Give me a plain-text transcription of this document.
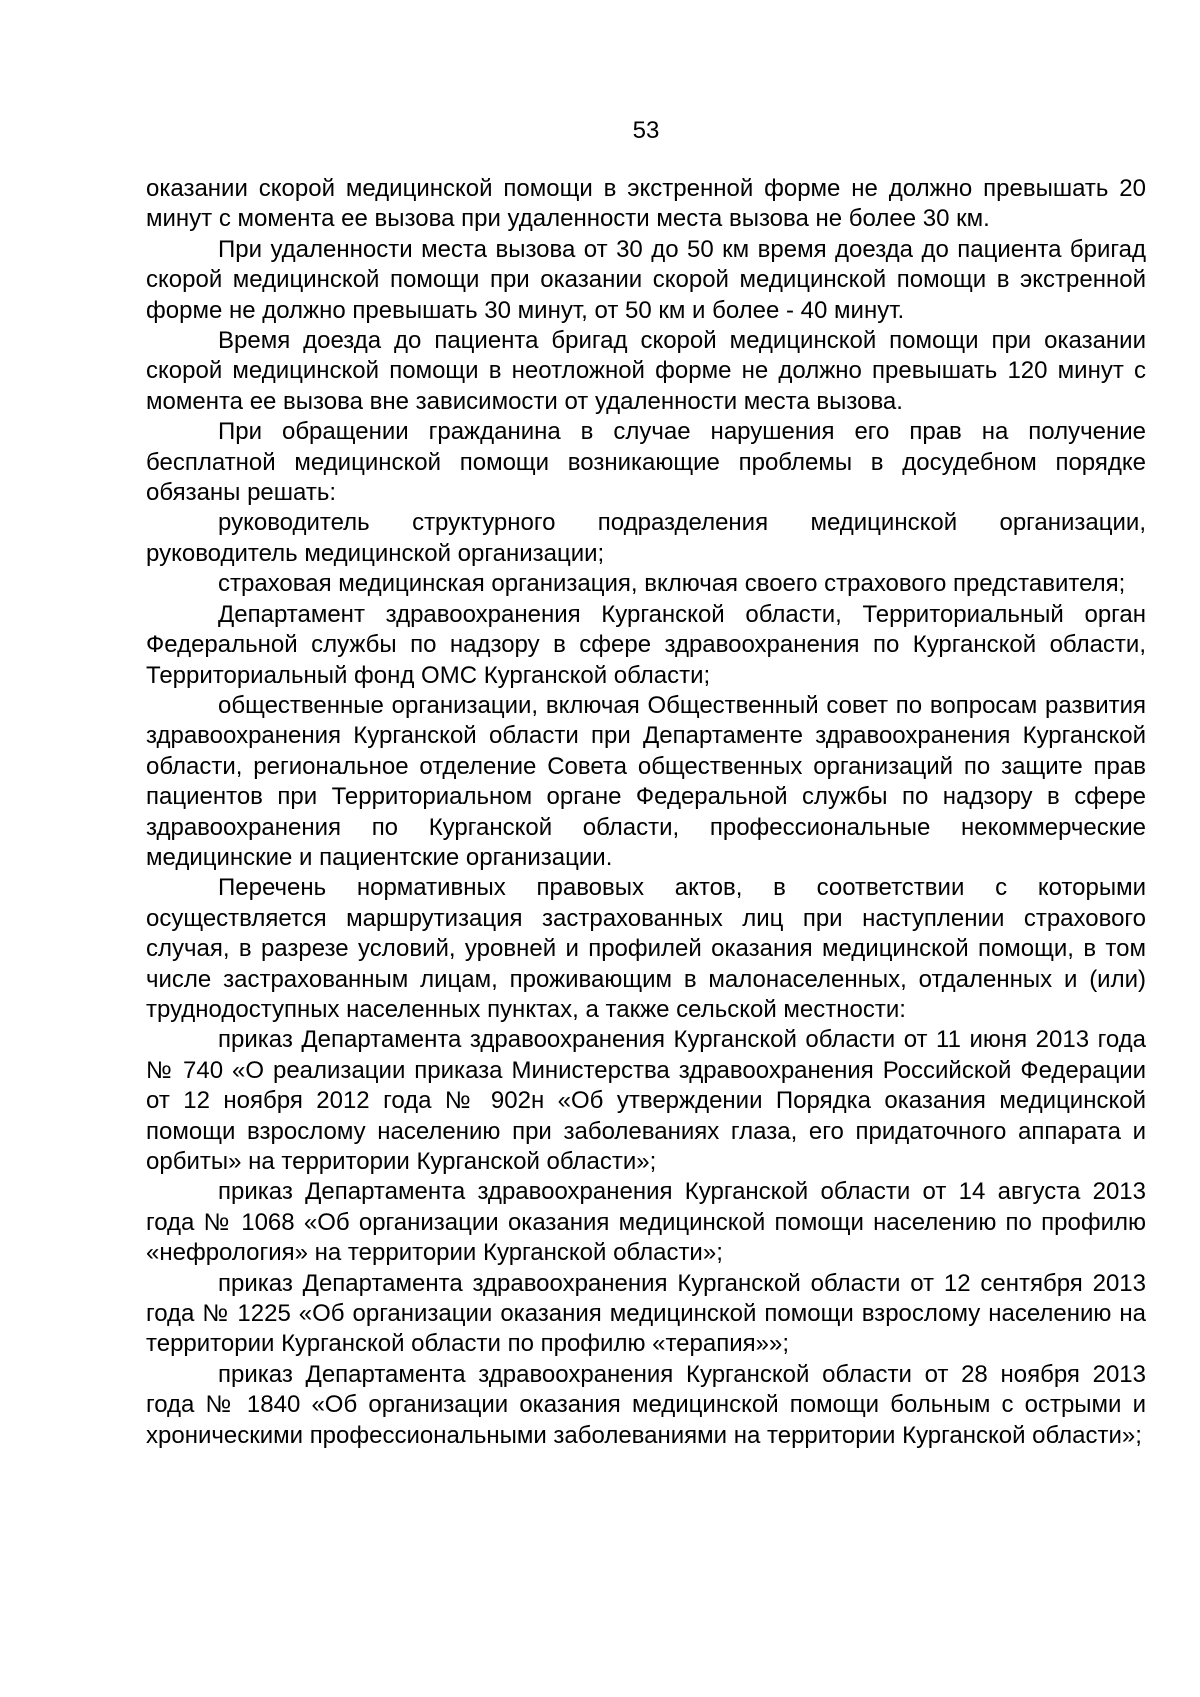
53

оказании скорой медицинской помощи в экстренной форме не должно превышать 20 минут с момента ее вызова при удаленности места вызова не более 30 км.

При удаленности места вызова от 30 до 50 км время доезда до пациента бригад скорой медицинской помощи при оказании скорой медицинской помощи в экстренной форме не должно превышать 30 минут, от 50 км и более - 40 минут.

Время доезда до пациента бригад скорой медицинской помощи при оказании скорой медицинской помощи в неотложной форме не должно превышать 120 минут с момента ее вызова вне зависимости от удаленности места вызова.

При обращении гражданина в случае нарушения его прав на получение бесплатной медицинской помощи возникающие проблемы в досудебном порядке обязаны решать:

руководитель структурного подразделения медицинской организации, руководитель медицинской организации;

страховая медицинская организация, включая своего страхового представителя;

Департамент здравоохранения Курганской области, Территориальный орган Федеральной службы по надзору в сфере здравоохранения по Курганской области, Территориальный фонд ОМС Курганской области;

общественные организации, включая Общественный совет по вопросам развития здравоохранения Курганской области при Департаменте здравоохранения Курганской области, региональное отделение Совета общественных организаций по защите прав пациентов при Территориальном органе Федеральной службы по надзору в сфере здравоохранения по Курганской области, профессиональные некоммерческие медицинские и пациентские организации.

Перечень нормативных правовых актов, в соответствии с которыми осуществляется маршрутизация застрахованных лиц при наступлении страхового случая, в разрезе условий, уровней и профилей оказания медицинской помощи, в том числе застрахованным лицам, проживающим в малонаселенных, отдаленных и (или) труднодоступных населенных пунктах, а также сельской местности:

приказ Департамента здравоохранения Курганской области от 11 июня 2013 года № 740 «О реализации приказа Министерства здравоохранения Российской Федерации от 12 ноября 2012 года № 902н «Об утверждении Порядка оказания медицинской помощи взрослому населению при заболеваниях глаза, его придаточного аппарата и орбиты» на территории Курганской области»;

приказ Департамента здравоохранения Курганской области от 14 августа 2013 года № 1068 «Об организации оказания медицинской помощи населению по профилю «нефрология» на территории Курганской области»;

приказ Департамента здравоохранения Курганской области от 12 сентября 2013 года № 1225 «Об организации оказания медицинской помощи взрослому населению на территории Курганской области по профилю «терапия»»;

приказ Департамента здравоохранения Курганской области от 28 ноября 2013 года № 1840 «Об организации оказания медицинской помощи больным с острыми и хроническими профессиональными заболеваниями на территории Курганской области»;
